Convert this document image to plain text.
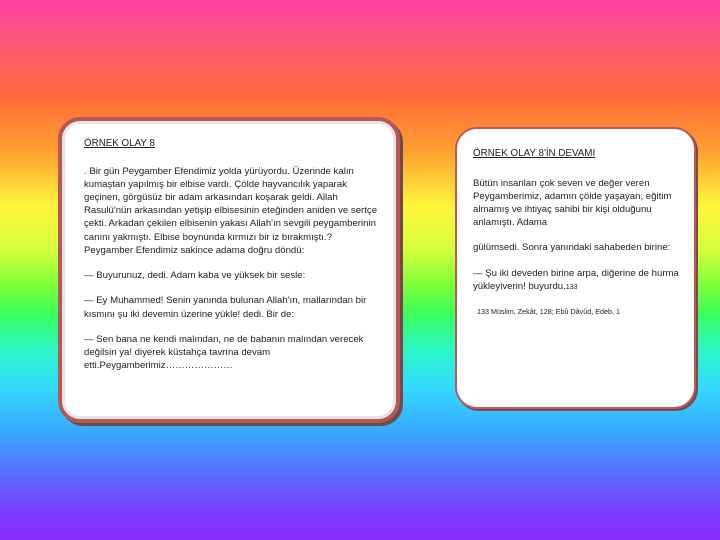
ÖRNEK OLAY 8

. Bir gün Peygamber Efendimiz yolda yürüyordu. Üzerinde kalın kumaştan yapılmış bir elbise vardı. Çölde hayvancılık yaparak geçinen, görgüsüz bir adam arkasından koşarak geldi. Allah Rasulü'nün arkasından yetişip elbisesinin eteğinden aniden ve sertçe çekti. Arkadan çekilen elbisenin yakası Allah'ın sevgili peygamberinin canını yakmıştı. Elbise boynunda kırmızı bir iz bırakmıştı.? Peygamber Efendimiz sakince adama doğru döndü:

— Buyurunuz, dedi. Adam kaba ve yüksek bir sesle:

— Ey Muhammed! Senin yanında bulunan Allah'ın, mallarından bir kısmını şu iki devemin üzerine yükle! dedi. Bir de:

— Sen bana ne kendi malından, ne de babanın malından verecek değilsin ya! diyerek küstahça tavrına devam etti.Peygamberimiz…………………

ÖRNEK OLAY 8'İN DEVAMI

Bütün insanları çok seven ve değer veren Peygamberimiz, adamın çölde yaşayan, eğitim almamış ve ihtiyaç sahibi bir kişi olduğunu anlamıştı. Adama

gülümsedi. Sonra yanındaki sahabeden birine:

— Şu iki deveden birine arpa, diğerine de hurma yükleyiverin! buyurdu.133

133 Müslim, Zekât, 128; Ebû Dâvûd, Edeb, 1
